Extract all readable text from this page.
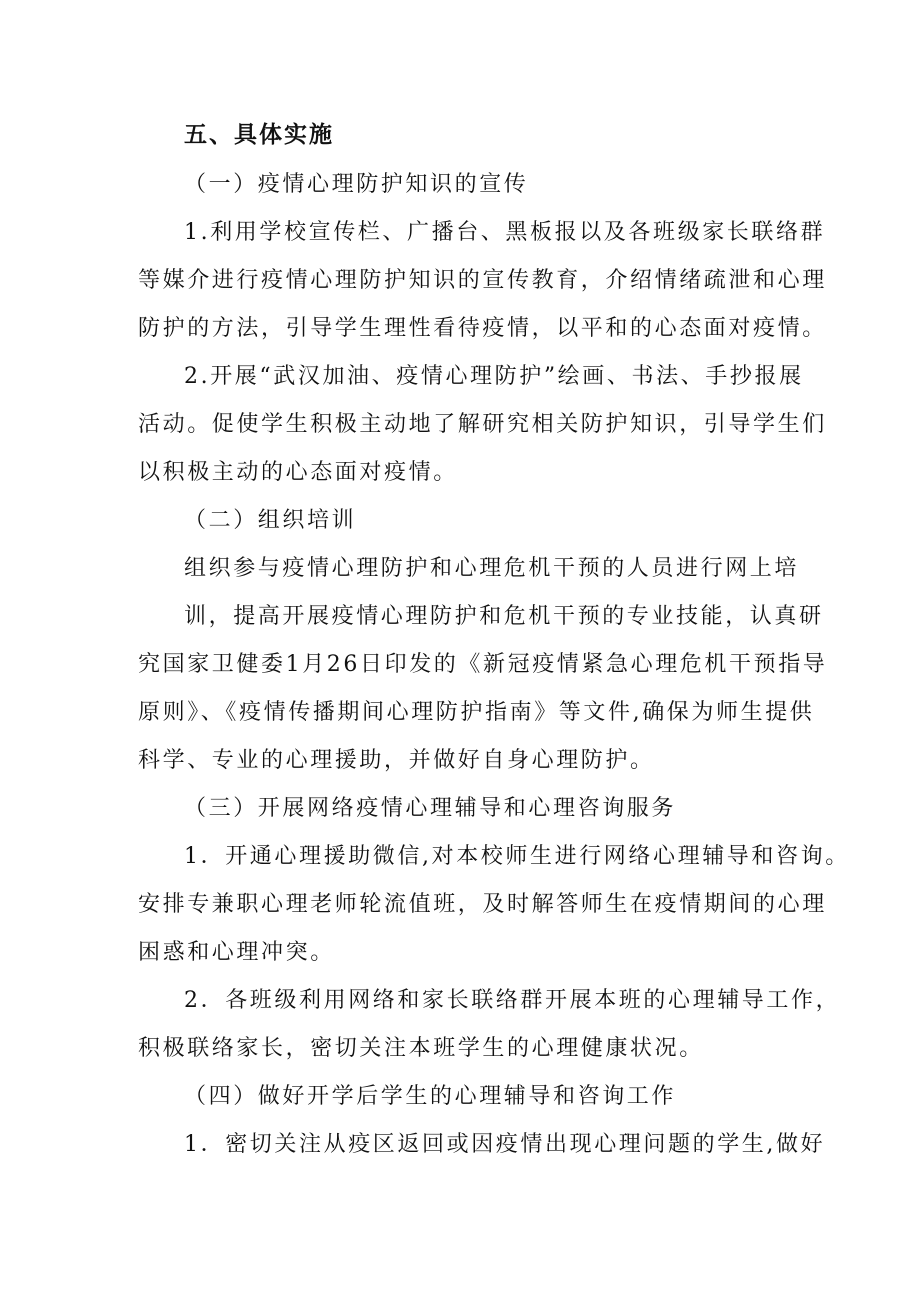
五、具体实施
（一）疫情心理防护知识的宣传
1.利用学校宣传栏、广播台、黑板报以及各班级家长联络群
等媒介进行疫情心理防护知识的宣传教育，介绍情绪疏泄和心理
防护的方法，引导学生理性看待疫情，以平和的心态面对疫情。
2.开展“武汉加油、疫情心理防护”绘画、书法、手抄报展
活动。促使学生积极主动地了解研究相关防护知识，引导学生们
以积极主动的心态面对疫情。
（二）组织培训
组织参与疫情心理防护和心理危机干预的人员进行网上培
训，提高开展疫情心理防护和危机干预的专业技能，认真研
究国家卫健委1月26日印发的《新冠疫情紧急心理危机干预指导
原则》、《疫情传播期间心理防护指南》等文件,确保为师生提供
科学、专业的心理援助，并做好自身心理防护。
（三）开展网络疫情心理辅导和心理咨询服务
1．开通心理援助微信,对本校师生进行网络心理辅导和咨询。
安排专兼职心理老师轮流值班，及时解答师生在疫情期间的心理
困惑和心理冲突。
2．各班级利用网络和家长联络群开展本班的心理辅导工作，
积极联络家长，密切关注本班学生的心理健康状况。
（四）做好开学后学生的心理辅导和咨询工作
1．密切关注从疫区返回或因疫情出现心理问题的学生,做好
